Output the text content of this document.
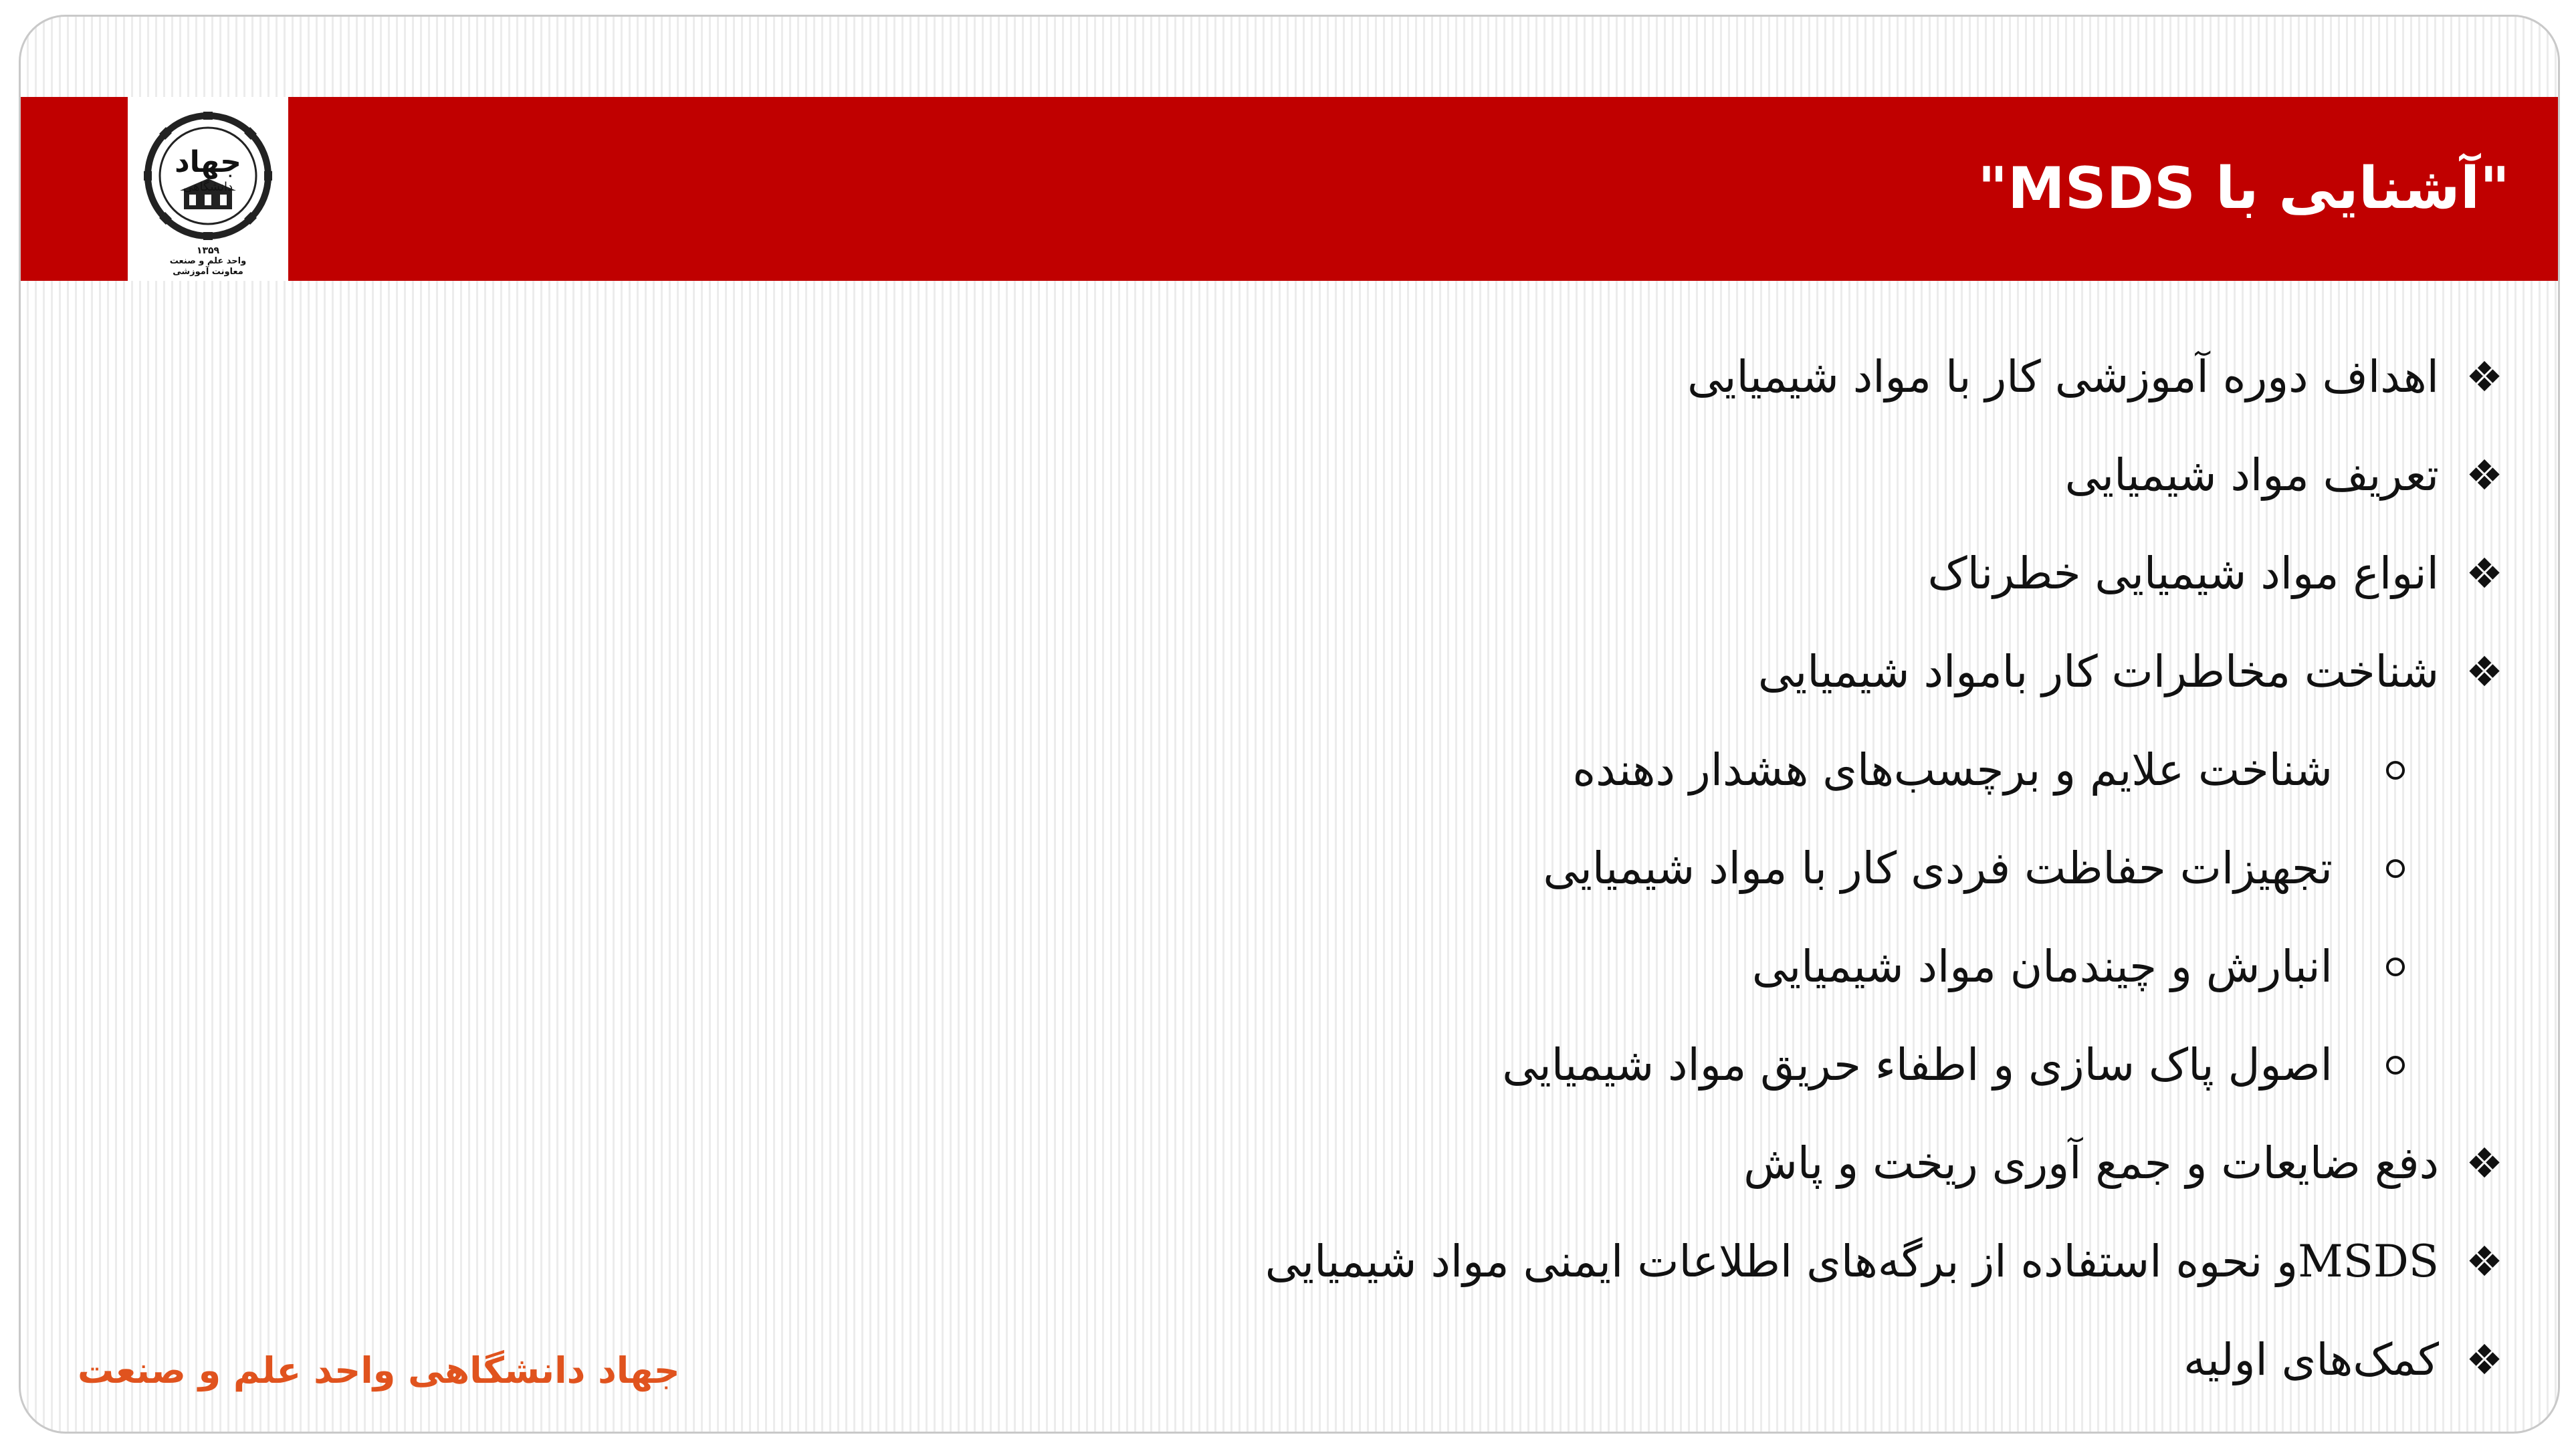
جهاد
دانشگاهی
۱۳۵۹
واحد علم و صنعت
معاونت آموزشی
"آشنایی با MSDS"
❖
اهداف دوره آموزشی کار با مواد شیمیایی
❖
تعریف مواد شیمیایی
❖
انواع مواد شیمیایی خطرناک
❖
شناخت مخاطرات کار بامواد شیمیایی
شناخت علایم و برچسب‌های هشدار دهنده
تجهیزات حفاظت فردی کار با مواد شیمیایی
انبارش و چیندمان مواد شیمیایی
اصول پاک سازی و اطفاء حریق مواد شیمیایی
❖
دفع ضایعات و جمع آوری ریخت و پاش
❖
MSDSو نحوه استفاده از برگه‌های اطلاعات ایمنی مواد شیمیایی
❖
کمک‌های اولیه
جهاد دانشگاهی واحد علم و صنعت
